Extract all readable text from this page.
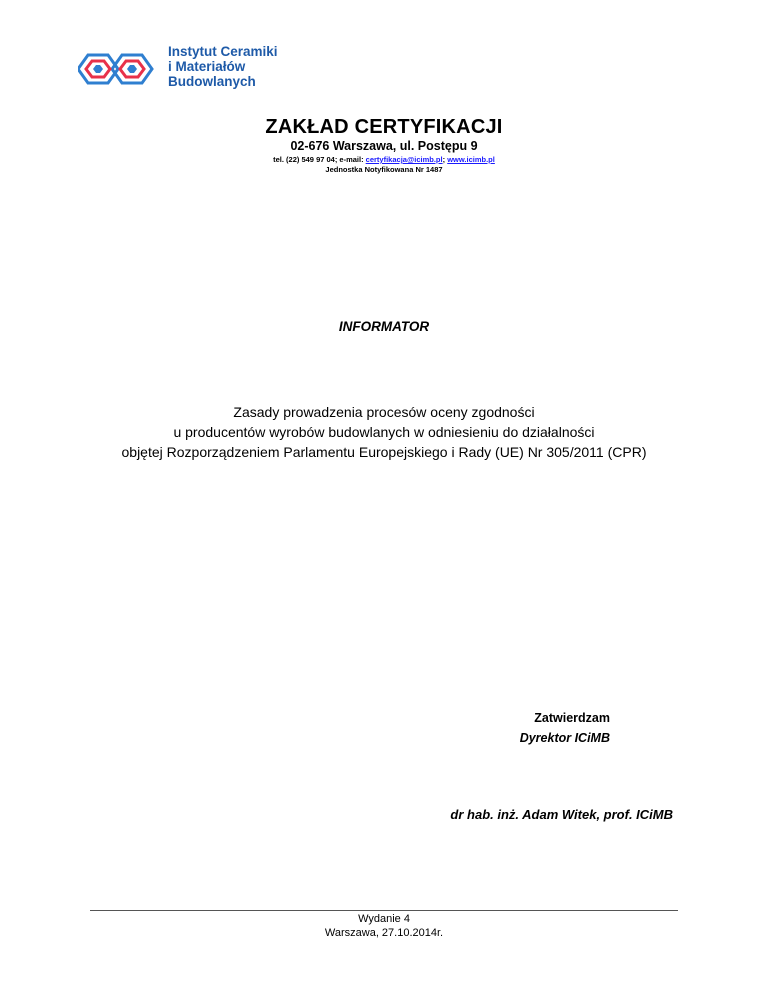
Instytut Ceramiki
i Materiałów
Budowlanych
ZAKŁAD CERTYFIKACJI
02-676 Warszawa, ul. Postępu 9
tel. (22) 549 97 04; e-mail: certyfikacja@icimb.pl; www.icimb.pl
Jednostka Notyfikowana Nr 1487
INFORMATOR
Zasady prowadzenia procesów oceny zgodności
u producentów wyrobów budowlanych w odniesieniu do działalności
objętej Rozporządzeniem Parlamentu Europejskiego i Rady (UE) Nr 305/2011 (CPR)
Zatwierdzam
Dyrektor ICiMB
dr hab. inż. Adam Witek, prof. ICiMB
Wydanie 4
Warszawa, 27.10.2014r.
